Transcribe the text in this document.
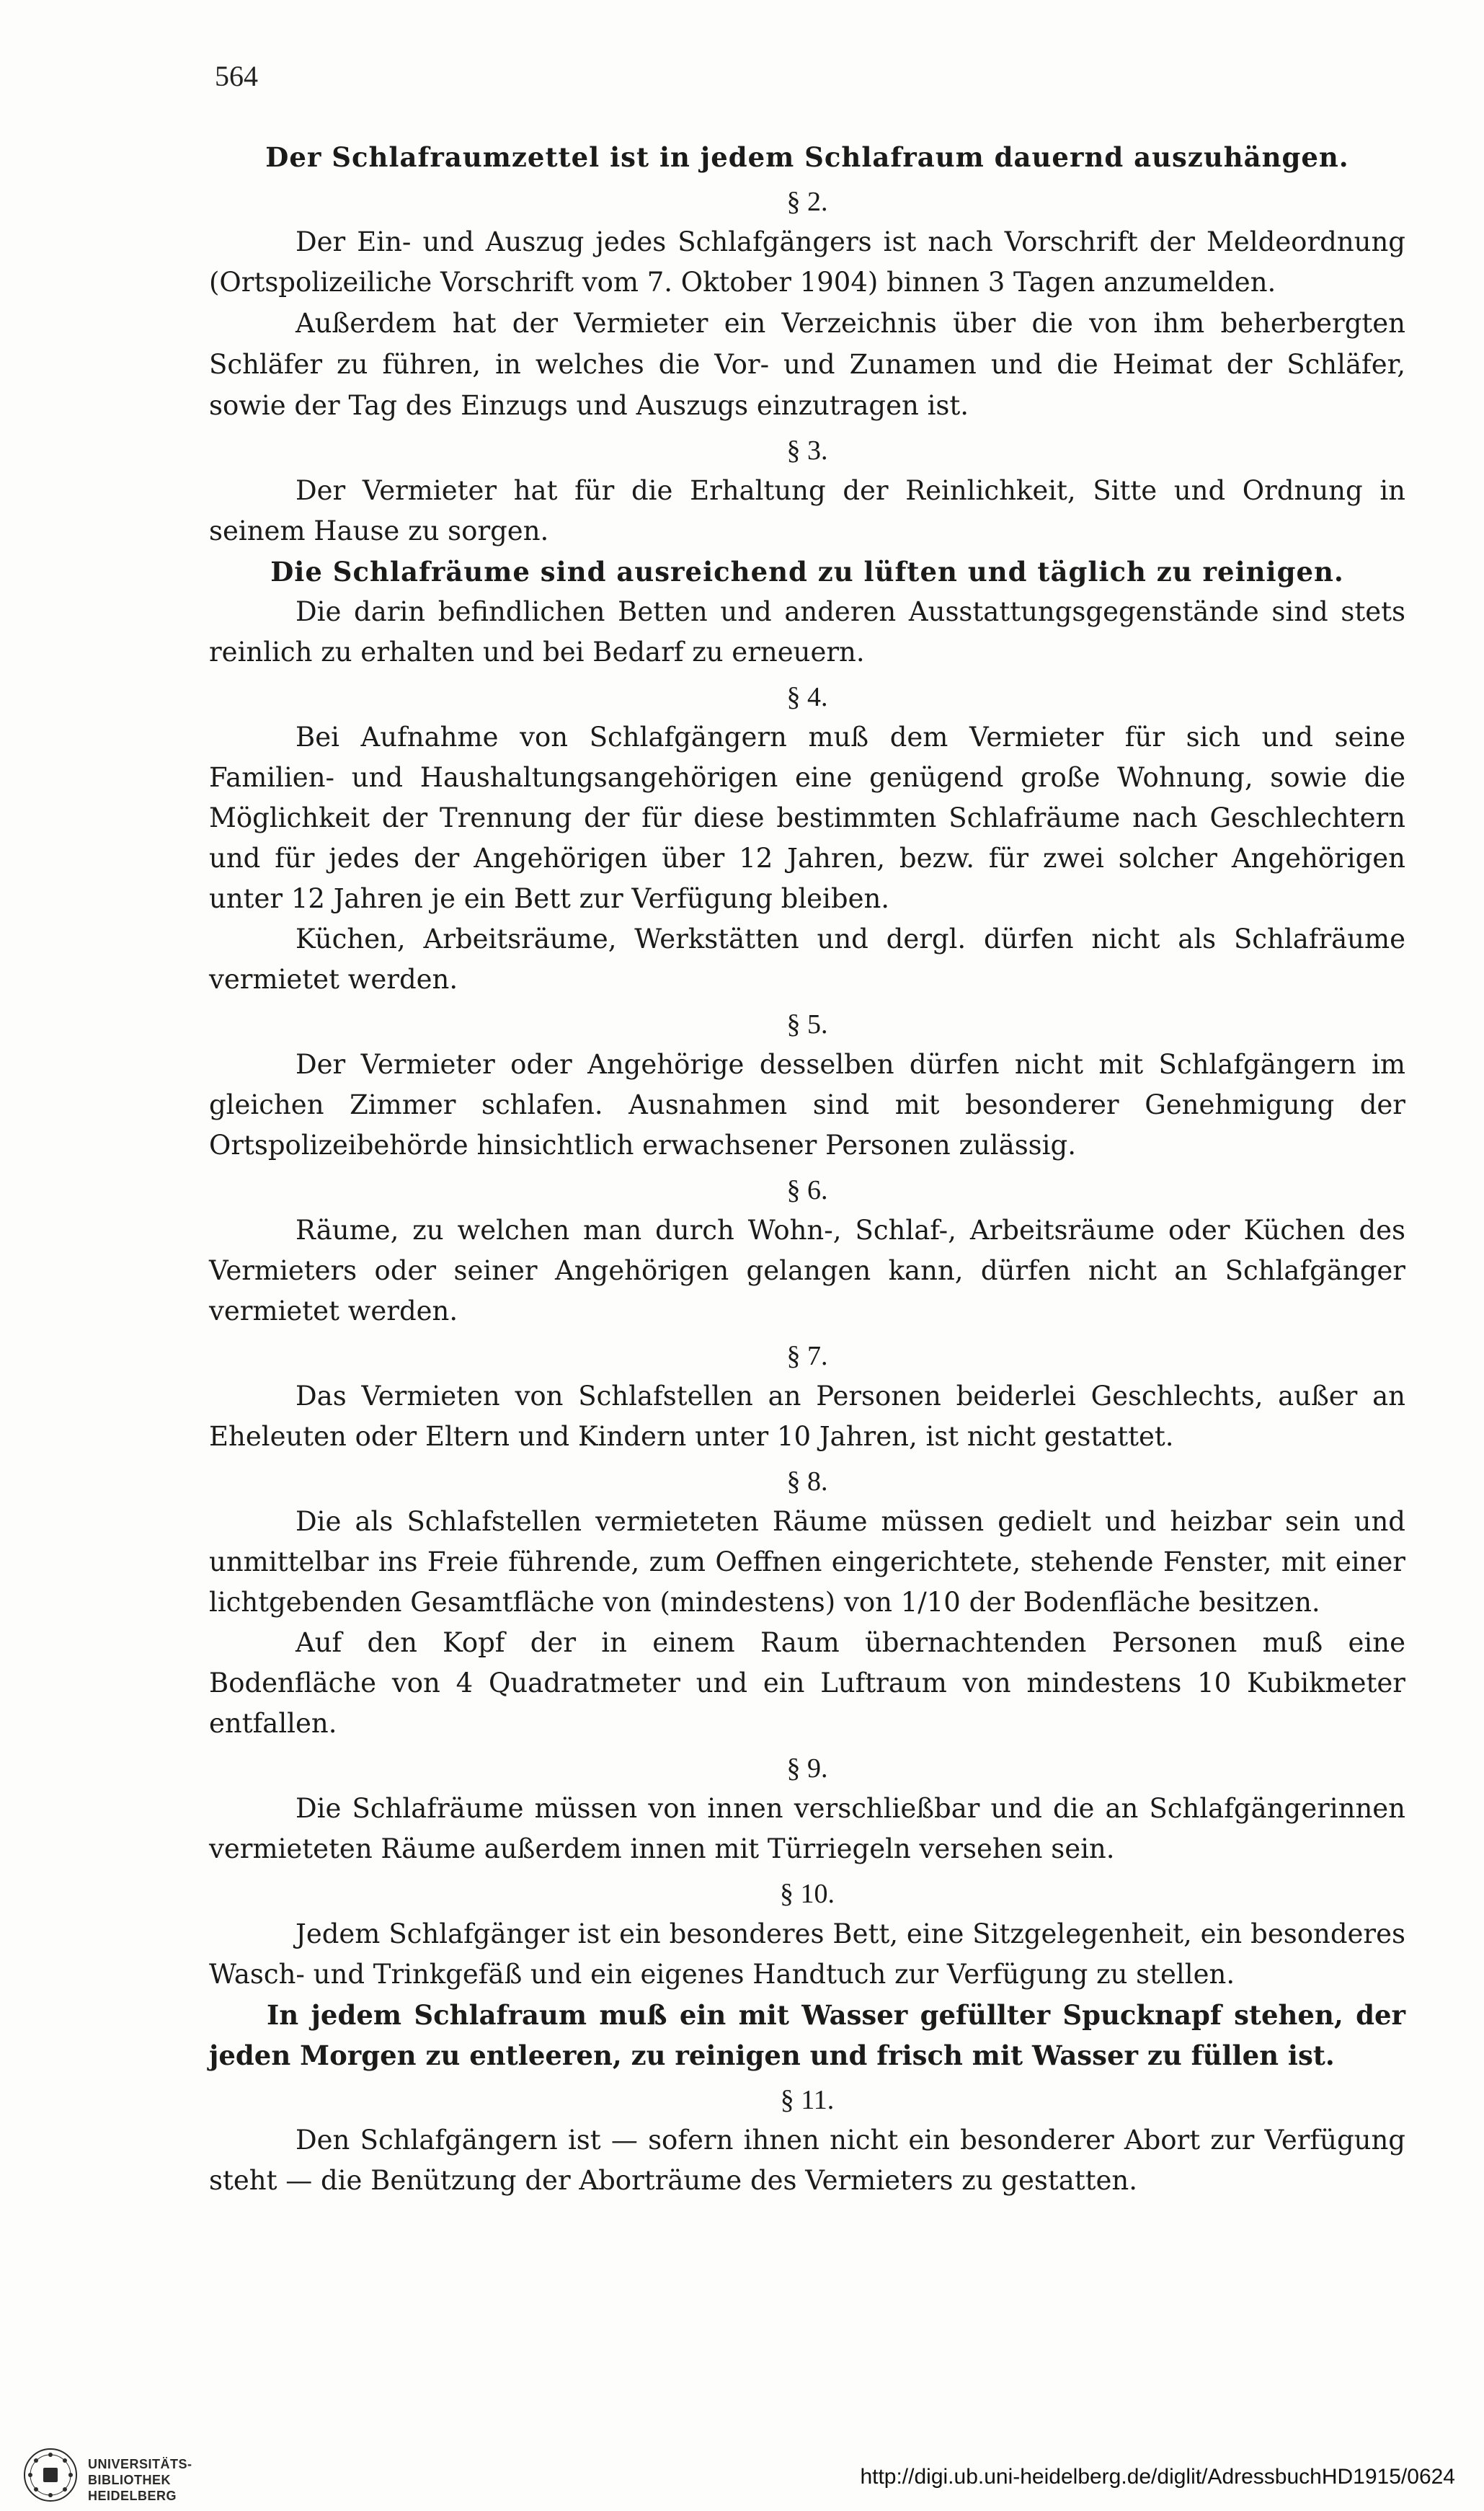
564

Der Schlafraumzettel ist in jedem Schlafraum dauernd auszuhängen.

§ 2.

Der Ein- und Auszug jedes Schlafgängers ist nach Vorschrift der Meldeordnung (Ortspolizeiliche Vorschrift vom 7. Oktober 1904) binnen 3 Tagen anzumelden.

Außerdem hat der Vermieter ein Verzeichnis über die von ihm beherbergten Schläfer zu führen, in welches die Vor- und Zunamen und die Heimat der Schläfer, sowie der Tag des Einzugs und Auszugs einzutragen ist.

§ 3.

Der Vermieter hat für die Erhaltung der Reinlichkeit, Sitte und Ordnung in seinem Hause zu sorgen.

Die Schlafräume sind ausreichend zu lüften und täglich zu reinigen.

Die darin befindlichen Betten und anderen Ausstattungsgegenstände sind stets reinlich zu erhalten und bei Bedarf zu erneuern.

§ 4.

Bei Aufnahme von Schlafgängern muß dem Vermieter für sich und seine Familien- und Haushaltungsangehörigen eine genügend große Wohnung, sowie die Möglichkeit der Trennung der für diese bestimmten Schlafräume nach Geschlechtern und für jedes der Angehörigen über 12 Jahren, bezw. für zwei solcher Angehörigen unter 12 Jahren je ein Bett zur Verfügung bleiben.

Küchen, Arbeitsräume, Werkstätten und dergl. dürfen nicht als Schlafräume vermietet werden.

§ 5.

Der Vermieter oder Angehörige desselben dürfen nicht mit Schlafgängern im gleichen Zimmer schlafen. Ausnahmen sind mit besonderer Genehmigung der Ortspolizeibehörde hinsichtlich erwachsener Personen zulässig.

§ 6.

Räume, zu welchen man durch Wohn-, Schlaf-, Arbeitsräume oder Küchen des Vermieters oder seiner Angehörigen gelangen kann, dürfen nicht an Schlafgänger vermietet werden.

§ 7.

Das Vermieten von Schlafstellen an Personen beiderlei Geschlechts, außer an Eheleuten oder Eltern und Kindern unter 10 Jahren, ist nicht gestattet.

§ 8.

Die als Schlafstellen vermieteten Räume müssen gedielt und heizbar sein und unmittelbar ins Freie führende, zum Oeffnen eingerichtete, stehende Fenster, mit einer lichtgebenden Gesamtfläche von (mindestens) von 1/10 der Bodenfläche besitzen.

Auf den Kopf der in einem Raum übernachtenden Personen muß eine Bodenfläche von 4 Quadratmeter und ein Luftraum von mindestens 10 Kubikmeter entfallen.

§ 9.

Die Schlafräume müssen von innen verschließbar und die an Schlafgängerinnen vermieteten Räume außerdem innen mit Türriegeln versehen sein.

§ 10.

Jedem Schlafgänger ist ein besonderes Bett, eine Sitzgelegenheit, ein besonderes Wasch- und Trinkgefäß und ein eigenes Handtuch zur Verfügung zu stellen.

In jedem Schlafraum muß ein mit Wasser gefüllter Spucknapf stehen, der jeden Morgen zu entleeren, zu reinigen und frisch mit Wasser zu füllen ist.

§ 11.

Den Schlafgängern ist — sofern ihnen nicht ein besonderer Abort zur Verfügung steht — die Benützung der Aborträume des Vermieters zu gestatten.

UNIVERSITÄTS-
BIBLIOTHEK
HEIDELBERG
http://digi.ub.uni-heidelberg.de/diglit/AdressbuchHD1915/0624
